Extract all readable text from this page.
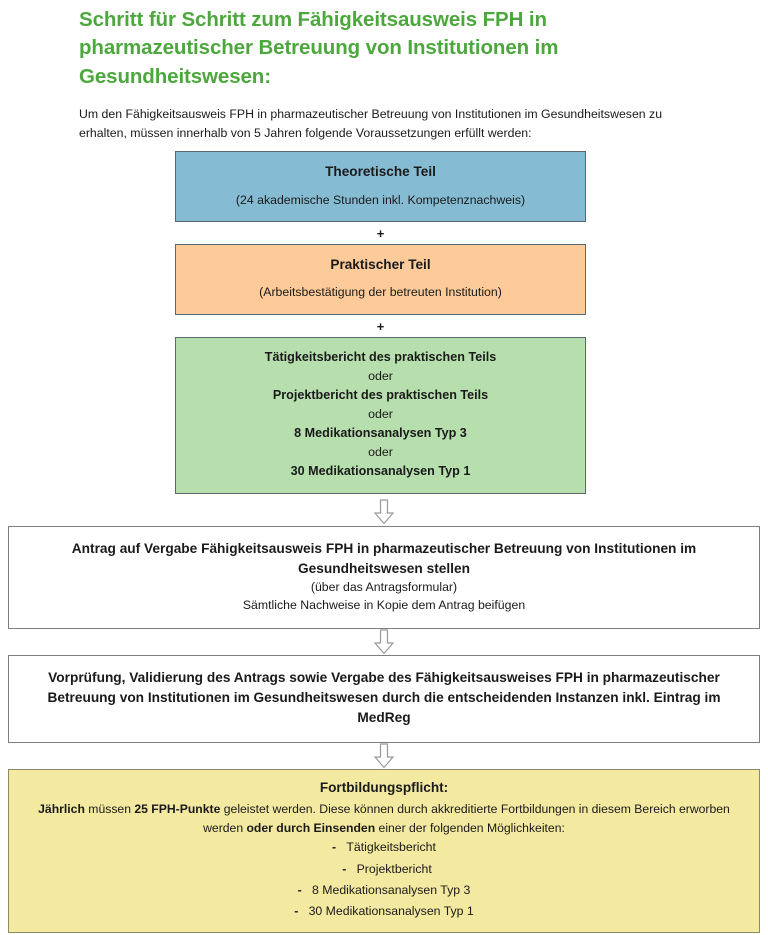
Schritt für Schritt zum Fähigkeitsausweis FPH in pharmazeutischer Betreuung von Institutionen im Gesundheitswesen:

Um den Fähigkeitsausweis FPH in pharmazeutischer Betreuung von Institutionen im Gesundheitswesen zu erhalten, müssen innerhalb von 5 Jahren folgende Voraussetzungen erfüllt werden:

Theoretische Teil
(24 akademische Stunden inkl. Kompetenznachweis)
+
Praktischer Teil
(Arbeitsbestätigung der betreuten Institution)
+
Tätigkeitsbericht des praktischen Teils
oder
Projektbericht des praktischen Teils
oder
8 Medikationsanalysen Typ 3
oder
30 Medikationsanalysen Typ 1
Antrag auf Vergabe Fähigkeitsausweis FPH in pharmazeutischer Betreuung von Institutionen im Gesundheitswesen stellen
(über das Antragsformular)
Sämtliche Nachweise in Kopie dem Antrag beifügen
Vorprüfung, Validierung des Antrags sowie Vergabe des Fähigkeitsausweises FPH in pharmazeutischer Betreuung von Institutionen im Gesundheitswesen durch die entscheidenden Instanzen inkl. Eintrag im MedReg
Fortbildungspflicht:
Jährlich müssen 25 FPH-Punkte geleistet werden. Diese können durch akkreditierte Fortbildungen in diesem Bereich erworben werden oder durch Einsenden einer der folgenden Möglichkeiten:
- Tätigkeitsbericht
- Projektbericht
- 8 Medikationsanalysen Typ 3
- 30 Medikationsanalysen Typ 1
